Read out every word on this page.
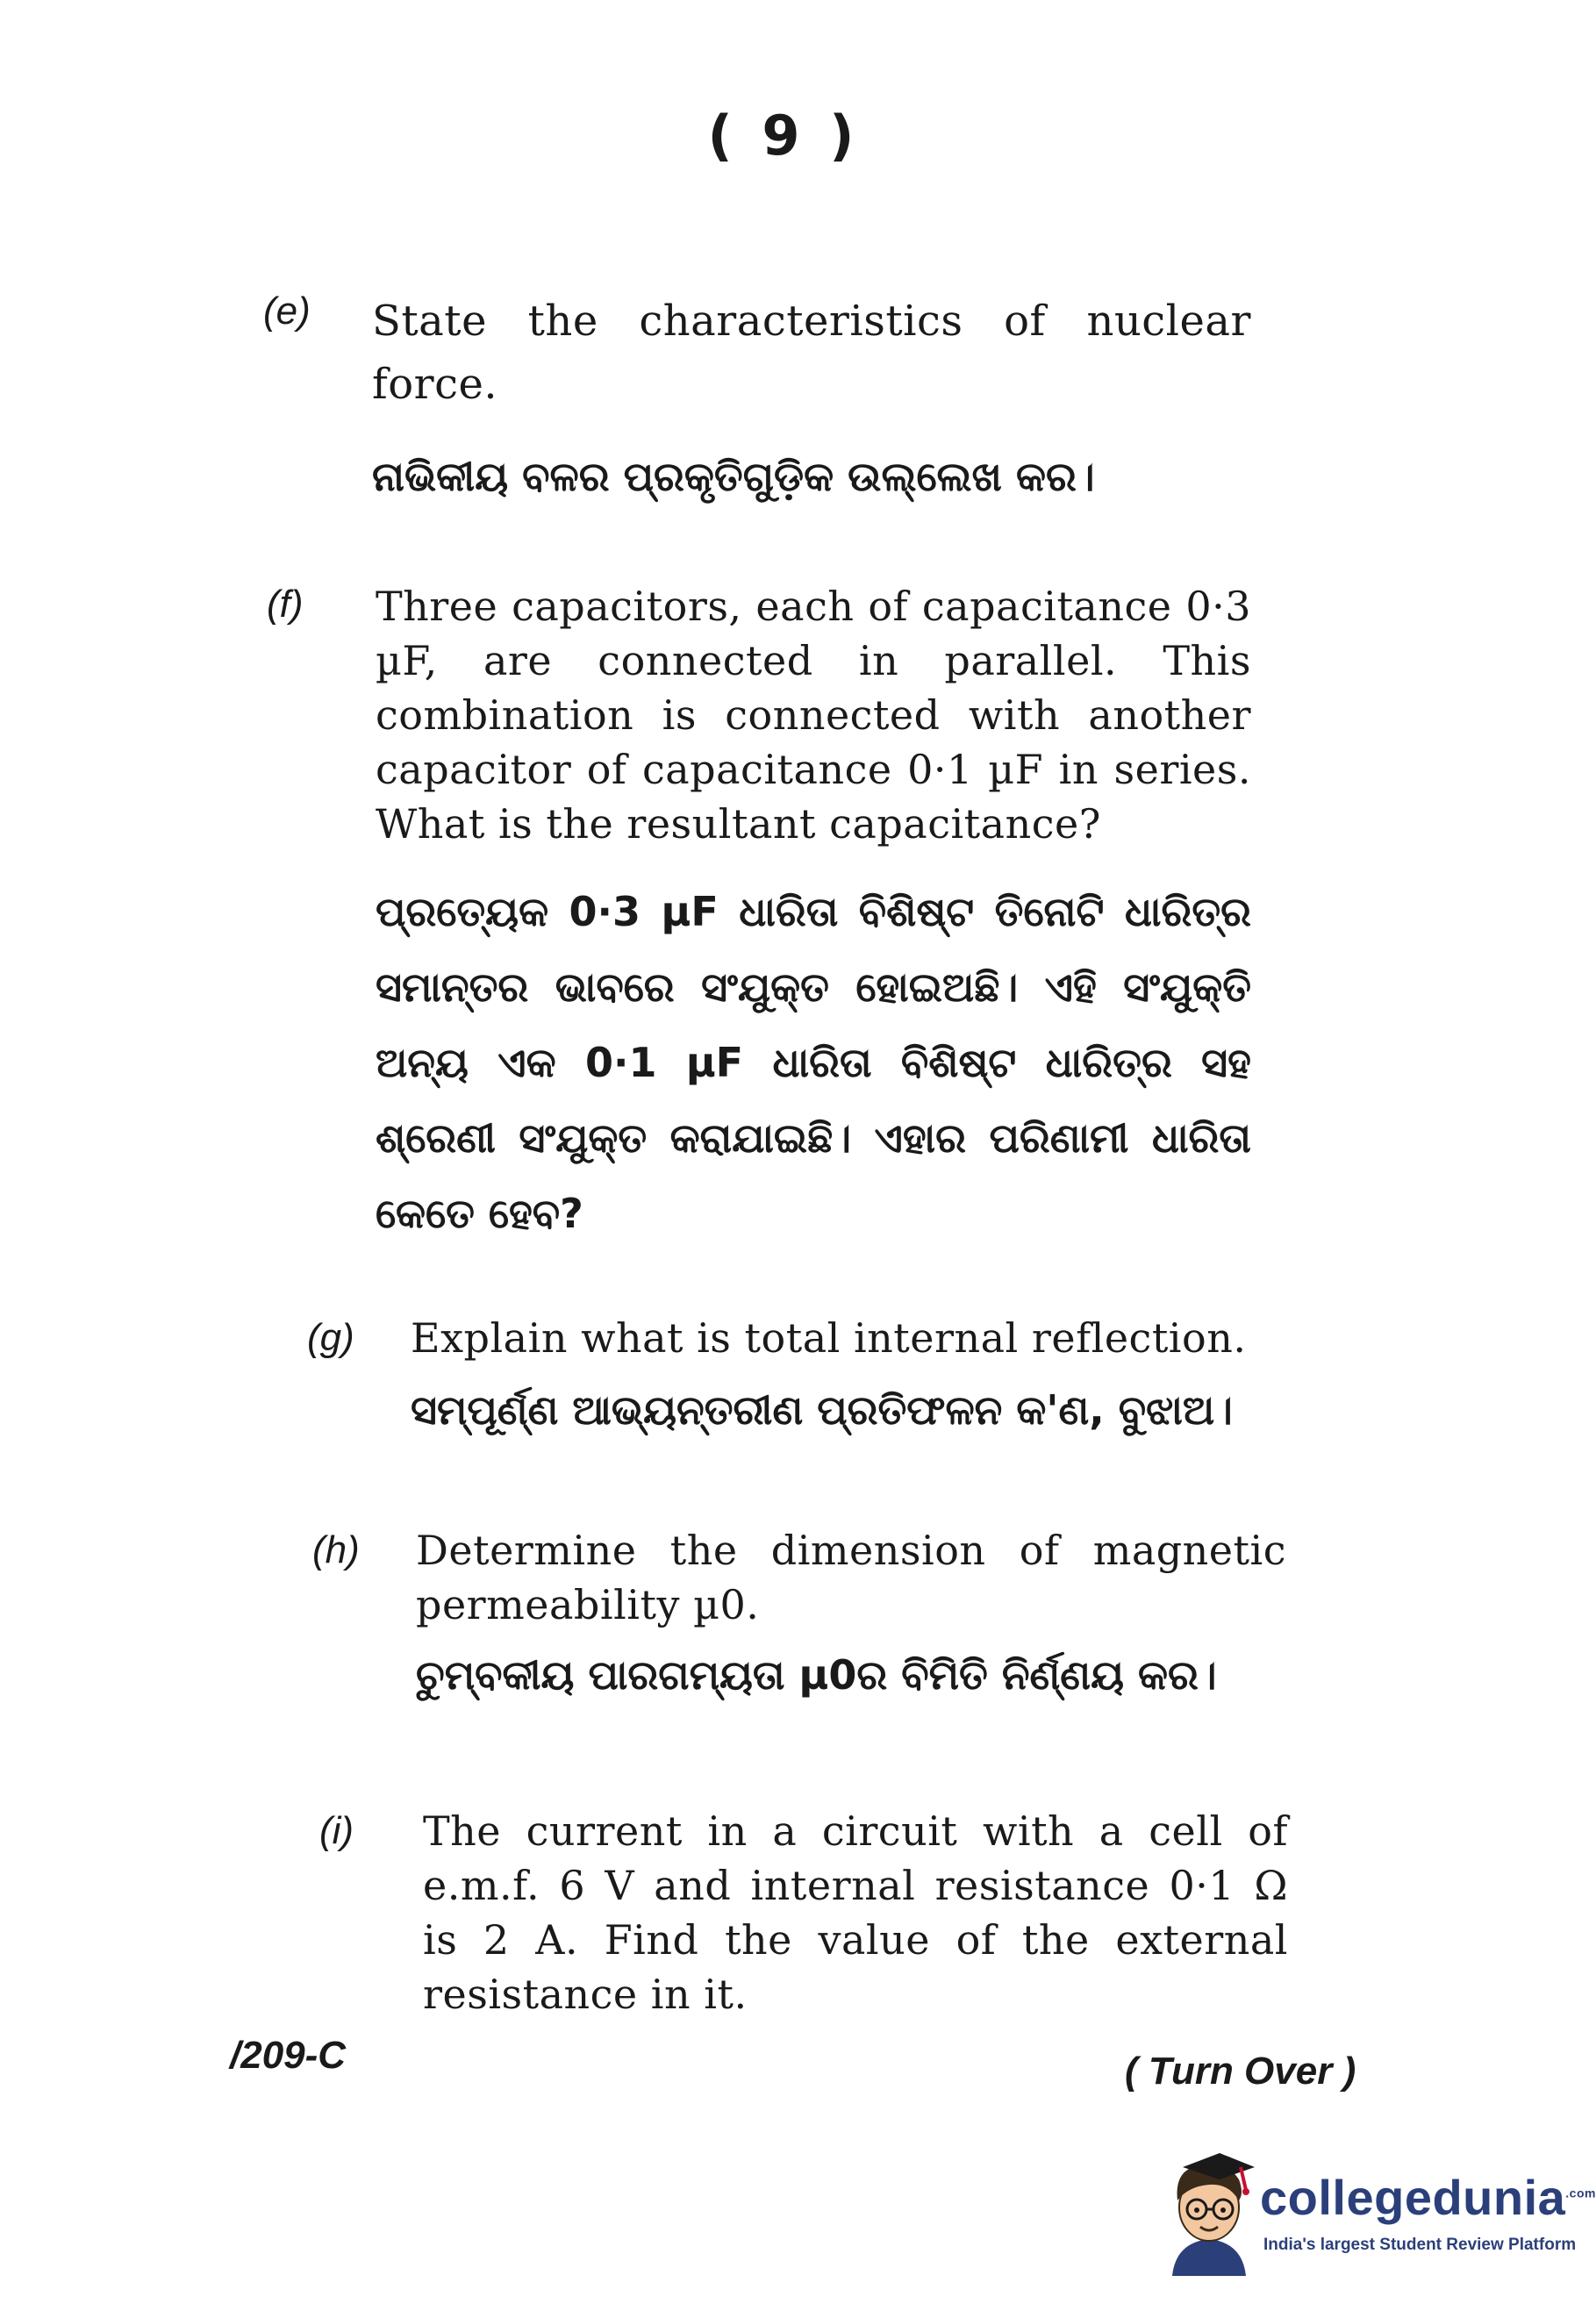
( 9 )
(e) State the characteristics of nuclear force.
ନାଭିକୀୟ ବଳର ପ୍ରକୃତିଗୁଡ଼ିକ ଉଲ୍ଲେଖ କର।
(f) Three capacitors, each of capacitance 0·3 µF, are connected in parallel. This combination is connected with another capacitor of capacitance 0·1 µF in series. What is the resultant capacitance?
ପ୍ରତ୍ୟେକ 0·3 µF ଧାରିତା ବିଶିଷ୍ଟ ତିନୋଟି ଧାରିତ୍ର ସମାନ୍ତର ଭାବରେ ସଂଯୁକ୍ତ ହୋଇଅଛି। ଏହି ସଂଯୁକ୍ତି ଅନ୍ୟ ଏକ 0·1 µF ଧାରିତା ବିଶିଷ୍ଟ ଧାରିତ୍ର ସହ ଶ୍ରେଣୀ ସଂଯୁକ୍ତ କରାଯାଇଛି। ଏହାର ପରିଣାମୀ ଧାରିତା କେତେ ହେବ?
(g) Explain what is total internal reflection.
ସମ୍ପୂର୍ଣ୍ଣ ଆଭ୍ୟନ୍ତରୀଣ ପ୍ରତିଫଳନ କ'ଣ, ବୁଝାଅ।
(h) Determine the dimension of magnetic permeability µ0.
ଚୁମ୍ବକୀୟ ପାରଗମ୍ୟତା µ0ର ବିମିତି ନିର୍ଣ୍ଣୟ କର।
(i) The current in a circuit with a cell of e.m.f. 6 V and internal resistance 0·1 Ω is 2 A. Find the value of the external resistance in it.
/209-C	( Turn Over )
collegedunia$^{.com}$
India's largest Student Review Platform
